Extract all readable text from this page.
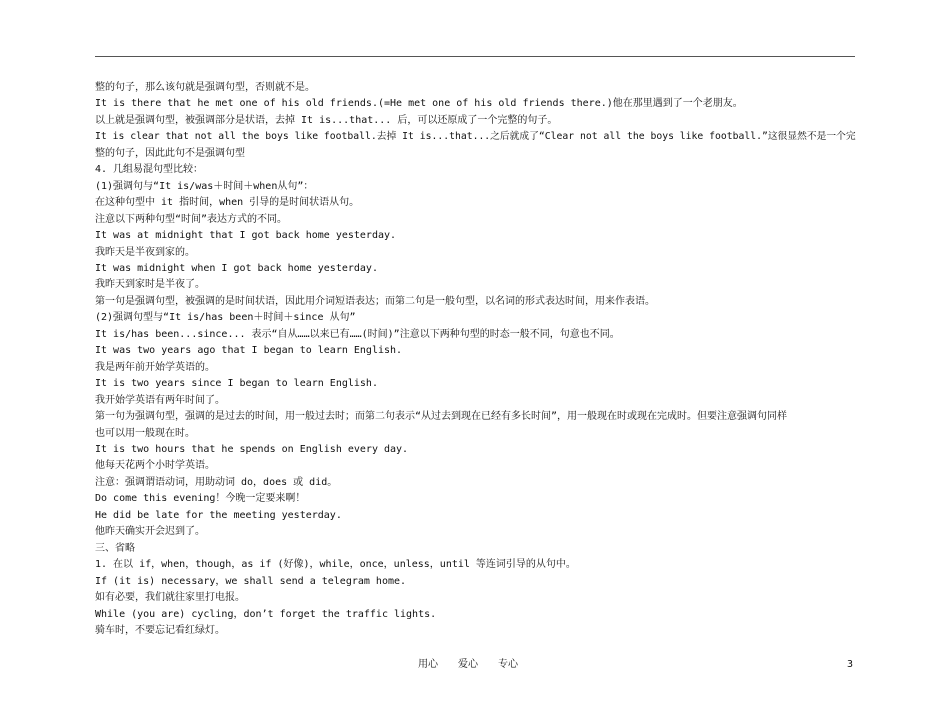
整的句子，那么该句就是强调句型，否则就不是。
It is there that he met one of his old friends.(=He met one of his old friends there.)他在那里遇到了一个老朋友。
以上就是强调句型，被强调部分是状语，去掉 It is...that... 后，可以还原成了一个完整的句子。
It is clear that not all the boys like football.去掉 It is...that...之后就成了“Clear not all the boys like football.”这很显然不是一个完
整的句子，因此此句不是强调句型
4. 几组易混句型比较：
(1)强调句与“It is/was＋时间＋when从句”：
在这种句型中 it 指时间，when 引导的是时间状语从句。
注意以下两种句型“时间”表达方式的不同。
It was at midnight that I got back home yesterday.
我昨天是半夜到家的。
It was midnight when I got back home yesterday.
我昨天到家时是半夜了。
第一句是强调句型，被强调的是时间状语，因此用介词短语表达；而第二句是一般句型，以名词的形式表达时间，用来作表语。
(2)强调句型与“It is/has been＋时间＋since 从句”
It is/has been...since... 表示“自从……以来已有……(时间)”注意以下两种句型的时态一般不同，句意也不同。
It was two years ago that I began to learn English.
我是两年前开始学英语的。
It is two years since I began to learn English.
我开始学英语有两年时间了。
第一句为强调句型，强调的是过去的时间，用一般过去时；而第二句表示“从过去到现在已经有多长时间”，用一般现在时或现在完成时。但要注意强调句同样
也可以用一般现在时。
It is two hours that he spends on English every day.
他每天花两个小时学英语。
注意：强调谓语动词，用助动词 do，does 或 did。
Do come this evening！今晚一定要来啊！
He did be late for the meeting yesterday.
他昨天确实开会迟到了。
三、省略
1. 在以 if，when，though，as if (好像)，while，once，unless，until 等连词引导的从句中。
If (it is) necessary，we shall send a telegram home.
如有必要，我们就往家里打电报。
While (you are) cycling，don’t forget the traffic lights.
骑车时，不要忘记看红绿灯。
用心　　爱心　　专心	3
